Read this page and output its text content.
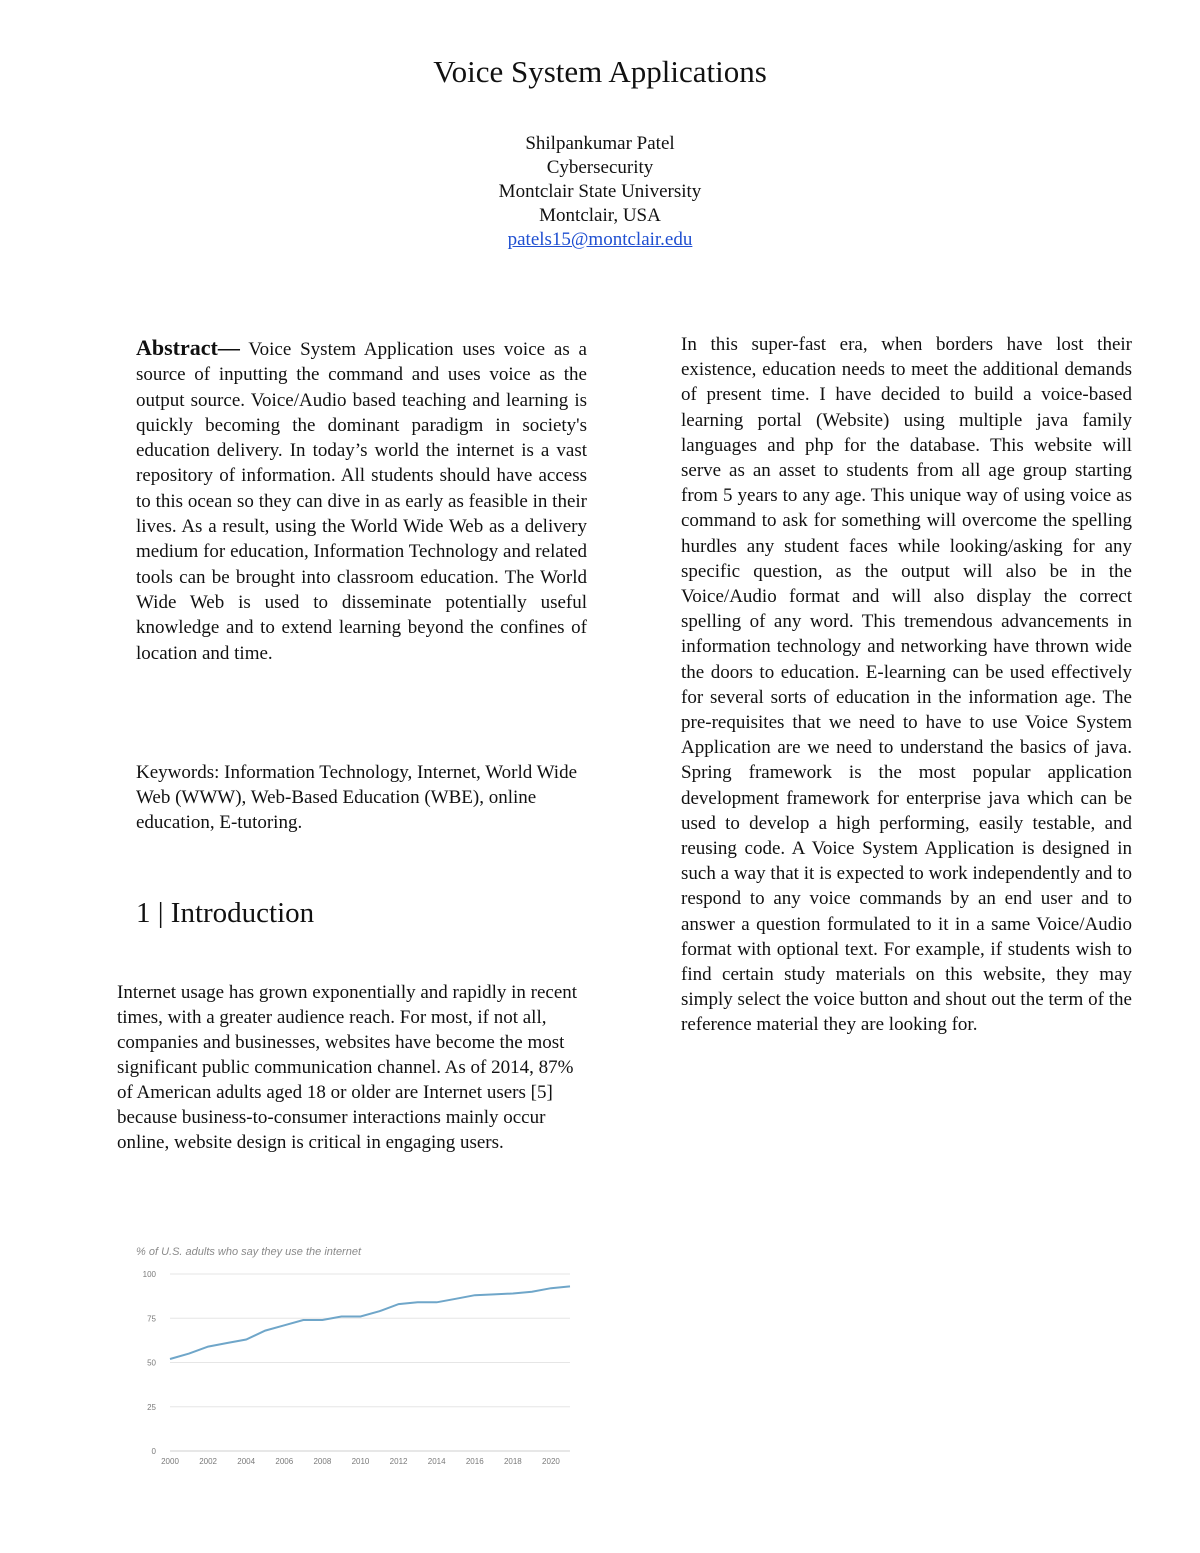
Voice System Applications
Shilpankumar Patel
Cybersecurity
Montclair State University
Montclair, USA
patels15@montclair.edu
Abstract— Voice System Application uses voice as a source of inputting the command and uses voice as the output source. Voice/Audio based teaching and learning is quickly becoming the dominant paradigm in society's education delivery. In today’s world the internet is a vast repository of information. All students should have access to this ocean so they can dive in as early as feasible in their lives. As a result, using the World Wide Web as a delivery medium for education, Information Technology and related tools can be brought into classroom education. The World Wide Web is used to disseminate potentially useful knowledge and to extend learning beyond the confines of location and time.
Keywords: Information Technology, Internet, World Wide Web (WWW), Web-Based Education (WBE), online education, E-tutoring.
1 | Introduction
Internet usage has grown exponentially and rapidly in recent times, with a greater audience reach. For most, if not all, companies and businesses, websites have become the most significant public communication channel. As of 2014, 87% of American adults aged 18 or older are Internet users [5] because business-to-consumer interactions mainly occur online, website design is critical in engaging users.
In this super-fast era, when borders have lost their existence, education needs to meet the additional demands of present time. I have decided to build a voice-based learning portal (Website) using multiple java family languages and php for the database. This website will serve as an asset to students from all age group starting from 5 years to any age. This unique way of using voice as command to ask for something will overcome the spelling hurdles any student faces while looking/asking for any specific question, as the output will also be in the Voice/Audio format and will also display the correct spelling of any word. This tremendous advancements in information technology and networking have thrown wide the doors to education. E-learning can be used effectively for several sorts of education in the information age. The pre-requisites that we need to have to use Voice System Application are we need to understand the basics of java. Spring framework is the most popular application development framework for enterprise java which can be used to develop a high performing, easily testable, and reusing code. A Voice System Application is designed in such a way that it is expected to work independently and to respond to any voice commands by an end user and to answer a question formulated to it in a same Voice/Audio format with optional text. For example, if students wish to find certain study materials on this website, they may simply select the voice button and shout out the term of the reference material they are looking for.
% of U.S. adults who say they use the internet
0
25
50
75
100
2000	2002	2004	2006	2008	2010	2012	2014	2016	2018	2020
